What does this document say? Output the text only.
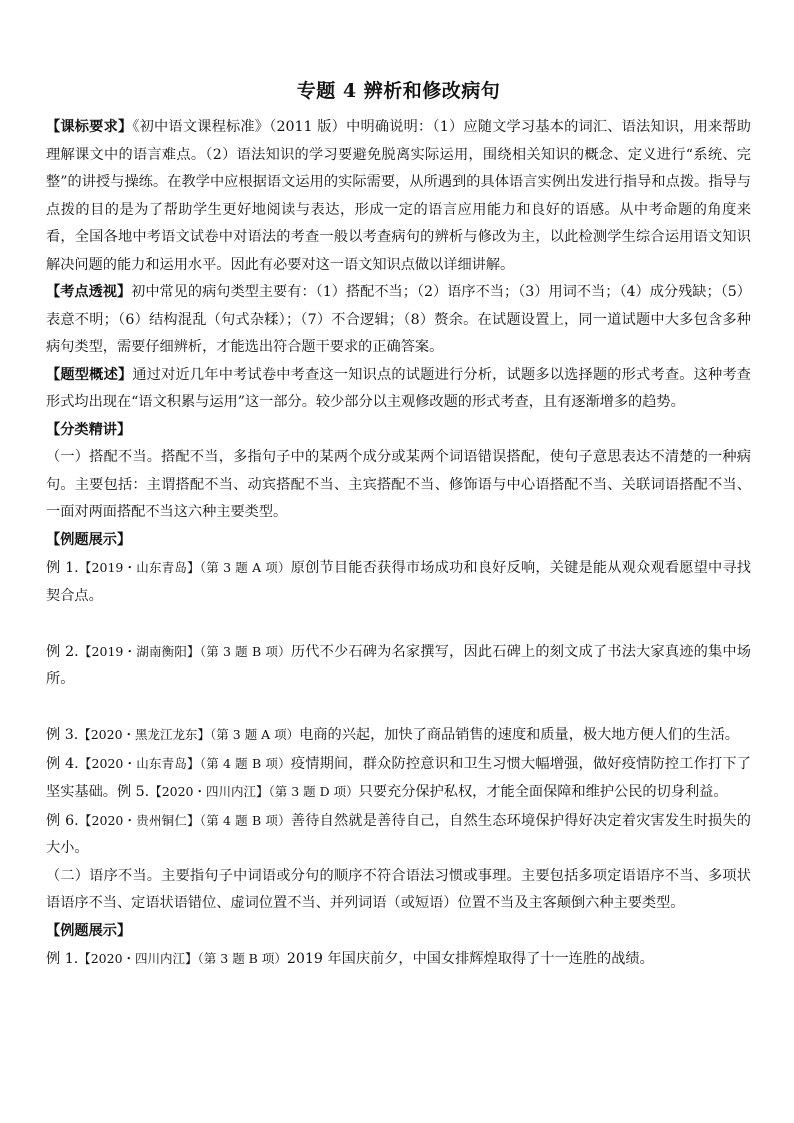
专题 4 辨析和修改病句

【课标要求】《初中语文课程标准》（2011 版）中明确说明：（1）应随文学习基本的词汇、语法知识，用来帮助理解课文中的语言难点。（2）语法知识的学习要避免脱离实际运用，围绕相关知识的概念、定义进行“系统、完整”的讲授与操练。在教学中应根据语文运用的实际需要，从所遇到的具体语言实例出发进行指导和点拨。指导与点拨的目的是为了帮助学生更好地阅读与表达，形成一定的语言应用能力和良好的语感。从中考命题的角度来看，全国各地中考语文试卷中对语法的考查一般以考查病句的辨析与修改为主，以此检测学生综合运用语文知识解决问题的能力和运用水平。因此有必要对这一语文知识点做以详细讲解。

【考点透视】初中常见的病句类型主要有：（1）搭配不当；（2）语序不当；（3）用词不当；（4）成分残缺；（5）表意不明；（6）结构混乱（句式杂糅）；（7）不合逻辑；（8）赘余。在试题设置上，同一道试题中大多包含多种病句类型，需要仔细辨析，才能选出符合题干要求的正确答案。

【题型概述】通过对近几年中考试卷中考查这一知识点的试题进行分析，试题多以选择题的形式考查。这种考查形式均出现在“语文积累与运用”这一部分。较少部分以主观修改题的形式考查，且有逐渐增多的趋势。

【分类精讲】

（一）搭配不当。搭配不当，多指句子中的某两个成分或某两个词语错误搭配，使句子意思表达不清楚的一种病句。主要包括：主谓搭配不当、动宾搭配不当、主宾搭配不当、修饰语与中心语搭配不当、关联词语搭配不当、一面对两面搭配不当这六种主要类型。

【例题展示】

例 1.【2019・山东青岛】（第 3 题 A 项）原创节目能否获得市场成功和良好反响，关键是能从观众观看愿望中寻找契合点。

例 2.【2019・湖南衡阳】（第 3 题 B 项）历代不少石碑为名家撰写，因此石碑上的刻文成了书法大家真迹的集中场所。

例 3.【2020・黑龙江龙东】（第 3 题 A 项）电商的兴起，加快了商品销售的速度和质量，极大地方便人们的生活。

例 4.【2020・山东青岛】（第 4 题 B 项）疫情期间，群众防控意识和卫生习惯大幅增强，做好疫情防控工作打下了坚实基础。例 5.【2020・四川内江】（第 3 题 D 项）只要充分保护私权，才能全面保障和维护公民的切身利益。

例 6.【2020・贵州铜仁】（第 4 题 B 项）善待自然就是善待自己，自然生态环境保护得好决定着灾害发生时损失的大小。

（二）语序不当。主要指句子中词语或分句的顺序不符合语法习惯或事理。主要包括多项定语语序不当、多项状语语序不当、定语状语错位、虚词位置不当、并列词语（或短语）位置不当及主客颠倒六种主要类型。

【例题展示】

例 1.【2020・四川内江】（第 3 题 B 项）2019 年国庆前夕，中国女排辉煌取得了十一连胜的战绩。
